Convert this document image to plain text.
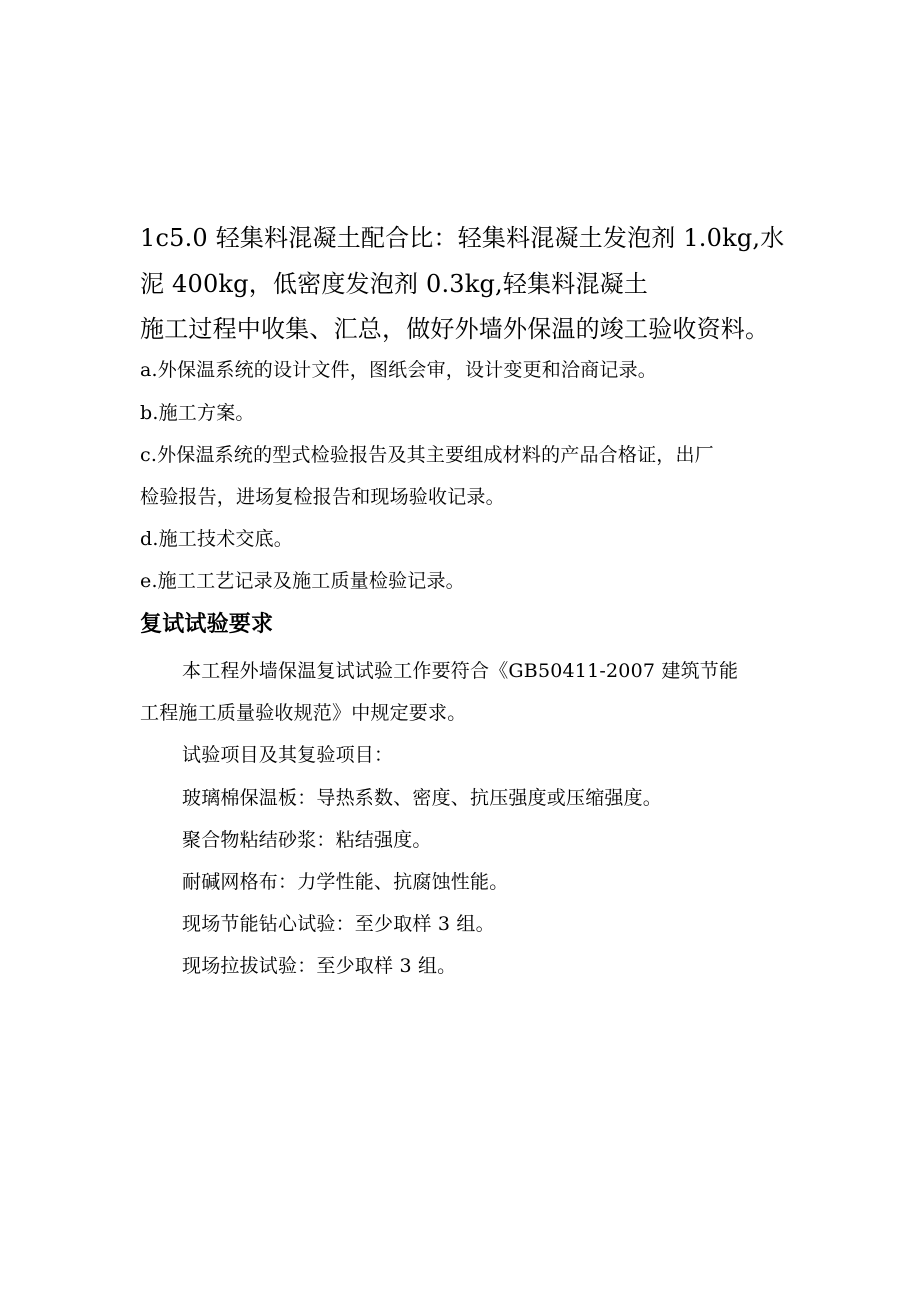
1c5.0 轻集料混凝土配合比：轻集料混凝土发泡剂 1.0kg,水
泥 400kg，低密度发泡剂 0.3kg,轻集料混凝土
施工过程中收集、汇总，做好外墙外保温的竣工验收资料。
a.外保温系统的设计文件，图纸会审，设计变更和洽商记录。
b.施工方案。
c.外保温系统的型式检验报告及其主要组成材料的产品合格证，出厂
检验报告，进场复检报告和现场验收记录。
d.施工技术交底。
e.施工工艺记录及施工质量检验记录。
复试试验要求
本工程外墙保温复试试验工作要符合《GB50411-2007 建筑节能
工程施工质量验收规范》中规定要求。
试验项目及其复验项目：
玻璃棉保温板：导热系数、密度、抗压强度或压缩强度。
聚合物粘结砂浆：粘结强度。
耐碱网格布：力学性能、抗腐蚀性能。
现场节能钻心试验：至少取样 3 组。
现场拉拔试验：至少取样 3 组。
